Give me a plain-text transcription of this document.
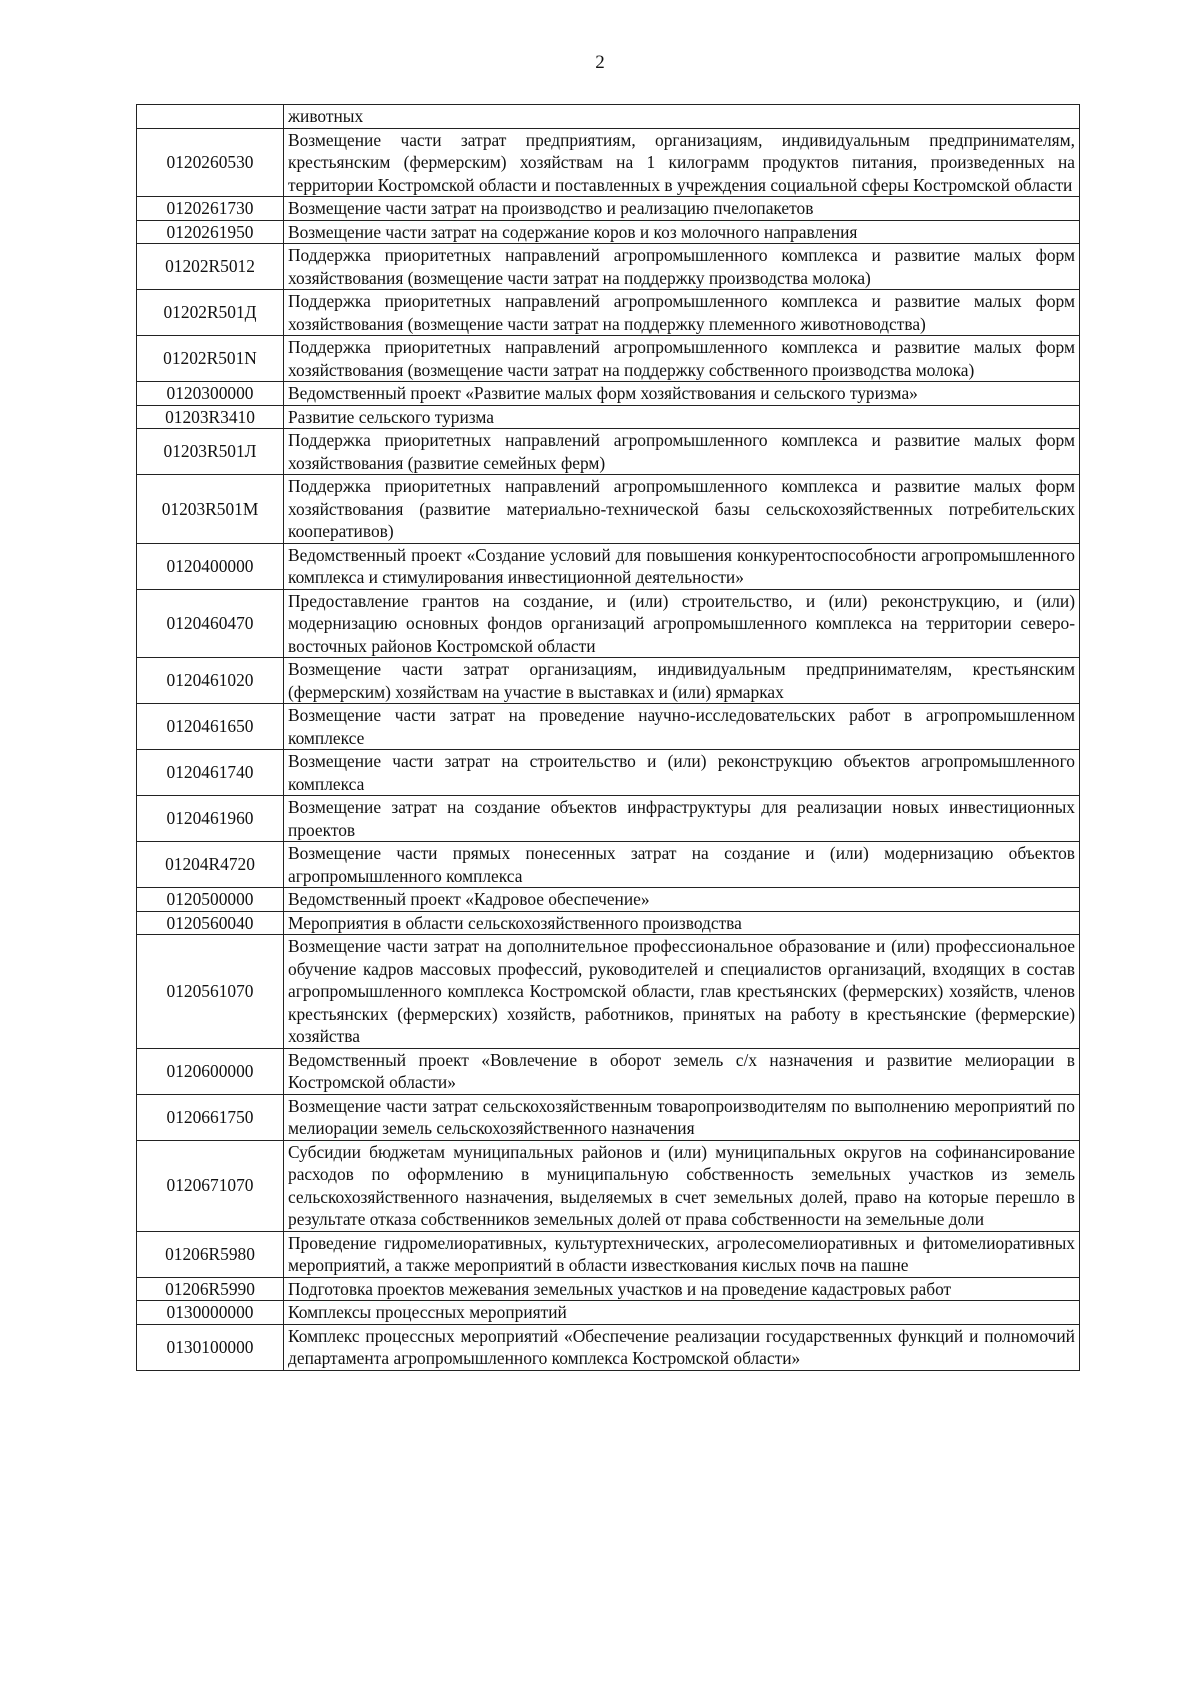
2
	животных
0120260530	Возмещение части затрат предприятиям, организациям, индивидуальным предпринимателям, крестьянским (фермерским) хозяйствам на 1 килограмм продуктов питания, произведенных на территории Костромской области и поставленных в учреждения социальной сферы Костромской области
0120261730	Возмещение части затрат на производство и реализацию пчелопакетов
0120261950	Возмещение части затрат на содержание коров и коз молочного направления
01202R5012	Поддержка приоритетных направлений агропромышленного комплекса и развитие малых форм хозяйствования (возмещение части затрат на поддержку производства молока)
01202R501Д	Поддержка приоритетных направлений агропромышленного комплекса и развитие малых форм хозяйствования (возмещение части затрат на поддержку племенного животноводства)
01202R501N	Поддержка приоритетных направлений агропромышленного комплекса и развитие малых форм хозяйствования (возмещение части затрат на поддержку собственного производства молока)
0120300000	Ведомственный проект «Развитие малых форм хозяйствования и сельского туризма»
01203R3410	Развитие сельского туризма
01203R501Л	Поддержка приоритетных направлений агропромышленного комплекса и развитие малых форм хозяйствования (развитие семейных ферм)
01203R501M	Поддержка приоритетных направлений агропромышленного комплекса и развитие малых форм хозяйствования (развитие материально-технической базы сельскохозяйственных потребительских кооперативов)
0120400000	Ведомственный проект «Создание условий для повышения конкурентоспособности агропромышленного комплекса и стимулирования инвестиционной деятельности»
0120460470	Предоставление грантов на создание, и (или) строительство, и (или) реконструкцию, и (или) модернизацию основных фондов организаций агропромышленного комплекса на территории северо-восточных районов Костромской области
0120461020	Возмещение части затрат организациям, индивидуальным предпринимателям, крестьянским (фермерским) хозяйствам на участие в выставках и (или) ярмарках
0120461650	Возмещение части затрат на проведение научно-исследовательских работ в агропромышленном комплексе
0120461740	Возмещение части затрат на строительство и (или) реконструкцию объектов агропромышленного комплекса
0120461960	Возмещение затрат на создание объектов инфраструктуры для реализации новых инвестиционных проектов
01204R4720	Возмещение части прямых понесенных затрат на создание и (или) модернизацию объектов агропромышленного комплекса
0120500000	Ведомственный проект «Кадровое обеспечение»
0120560040	Мероприятия в области сельскохозяйственного производства
0120561070	Возмещение части затрат на дополнительное профессиональное образование и (или) профессиональное обучение кадров массовых профессий, руководителей и специалистов организаций, входящих в состав агропромышленного комплекса Костромской области, глав крестьянских (фермерских) хозяйств, членов крестьянских (фермерских) хозяйств, работников, принятых на работу в крестьянские (фермерские) хозяйства
0120600000	Ведомственный проект «Вовлечение в оборот земель с/х назначения и развитие мелиорации в Костромской области»
0120661750	Возмещение части затрат сельскохозяйственным товаропроизводителям по выполнению мероприятий по мелиорации земель сельскохозяйственного назначения
0120671070	Субсидии бюджетам муниципальных районов и (или) муниципальных округов на софинансирование расходов по оформлению в муниципальную собственность земельных участков из земель сельскохозяйственного назначения, выделяемых в счет земельных долей, право на которые перешло в результате отказа собственников земельных долей от права собственности на земельные доли
01206R5980	Проведение гидромелиоративных, культуртехнических, агролесомелиоративных и фитомелиоративных мероприятий, а также мероприятий в области известкования кислых почв на пашне
01206R5990	Подготовка проектов межевания земельных участков и на проведение кадастровых работ
0130000000	Комплексы процессных мероприятий
0130100000	Комплекс процессных мероприятий «Обеспечение реализации государственных функций и полномочий департамента агропромышленного комплекса Костромской области»
